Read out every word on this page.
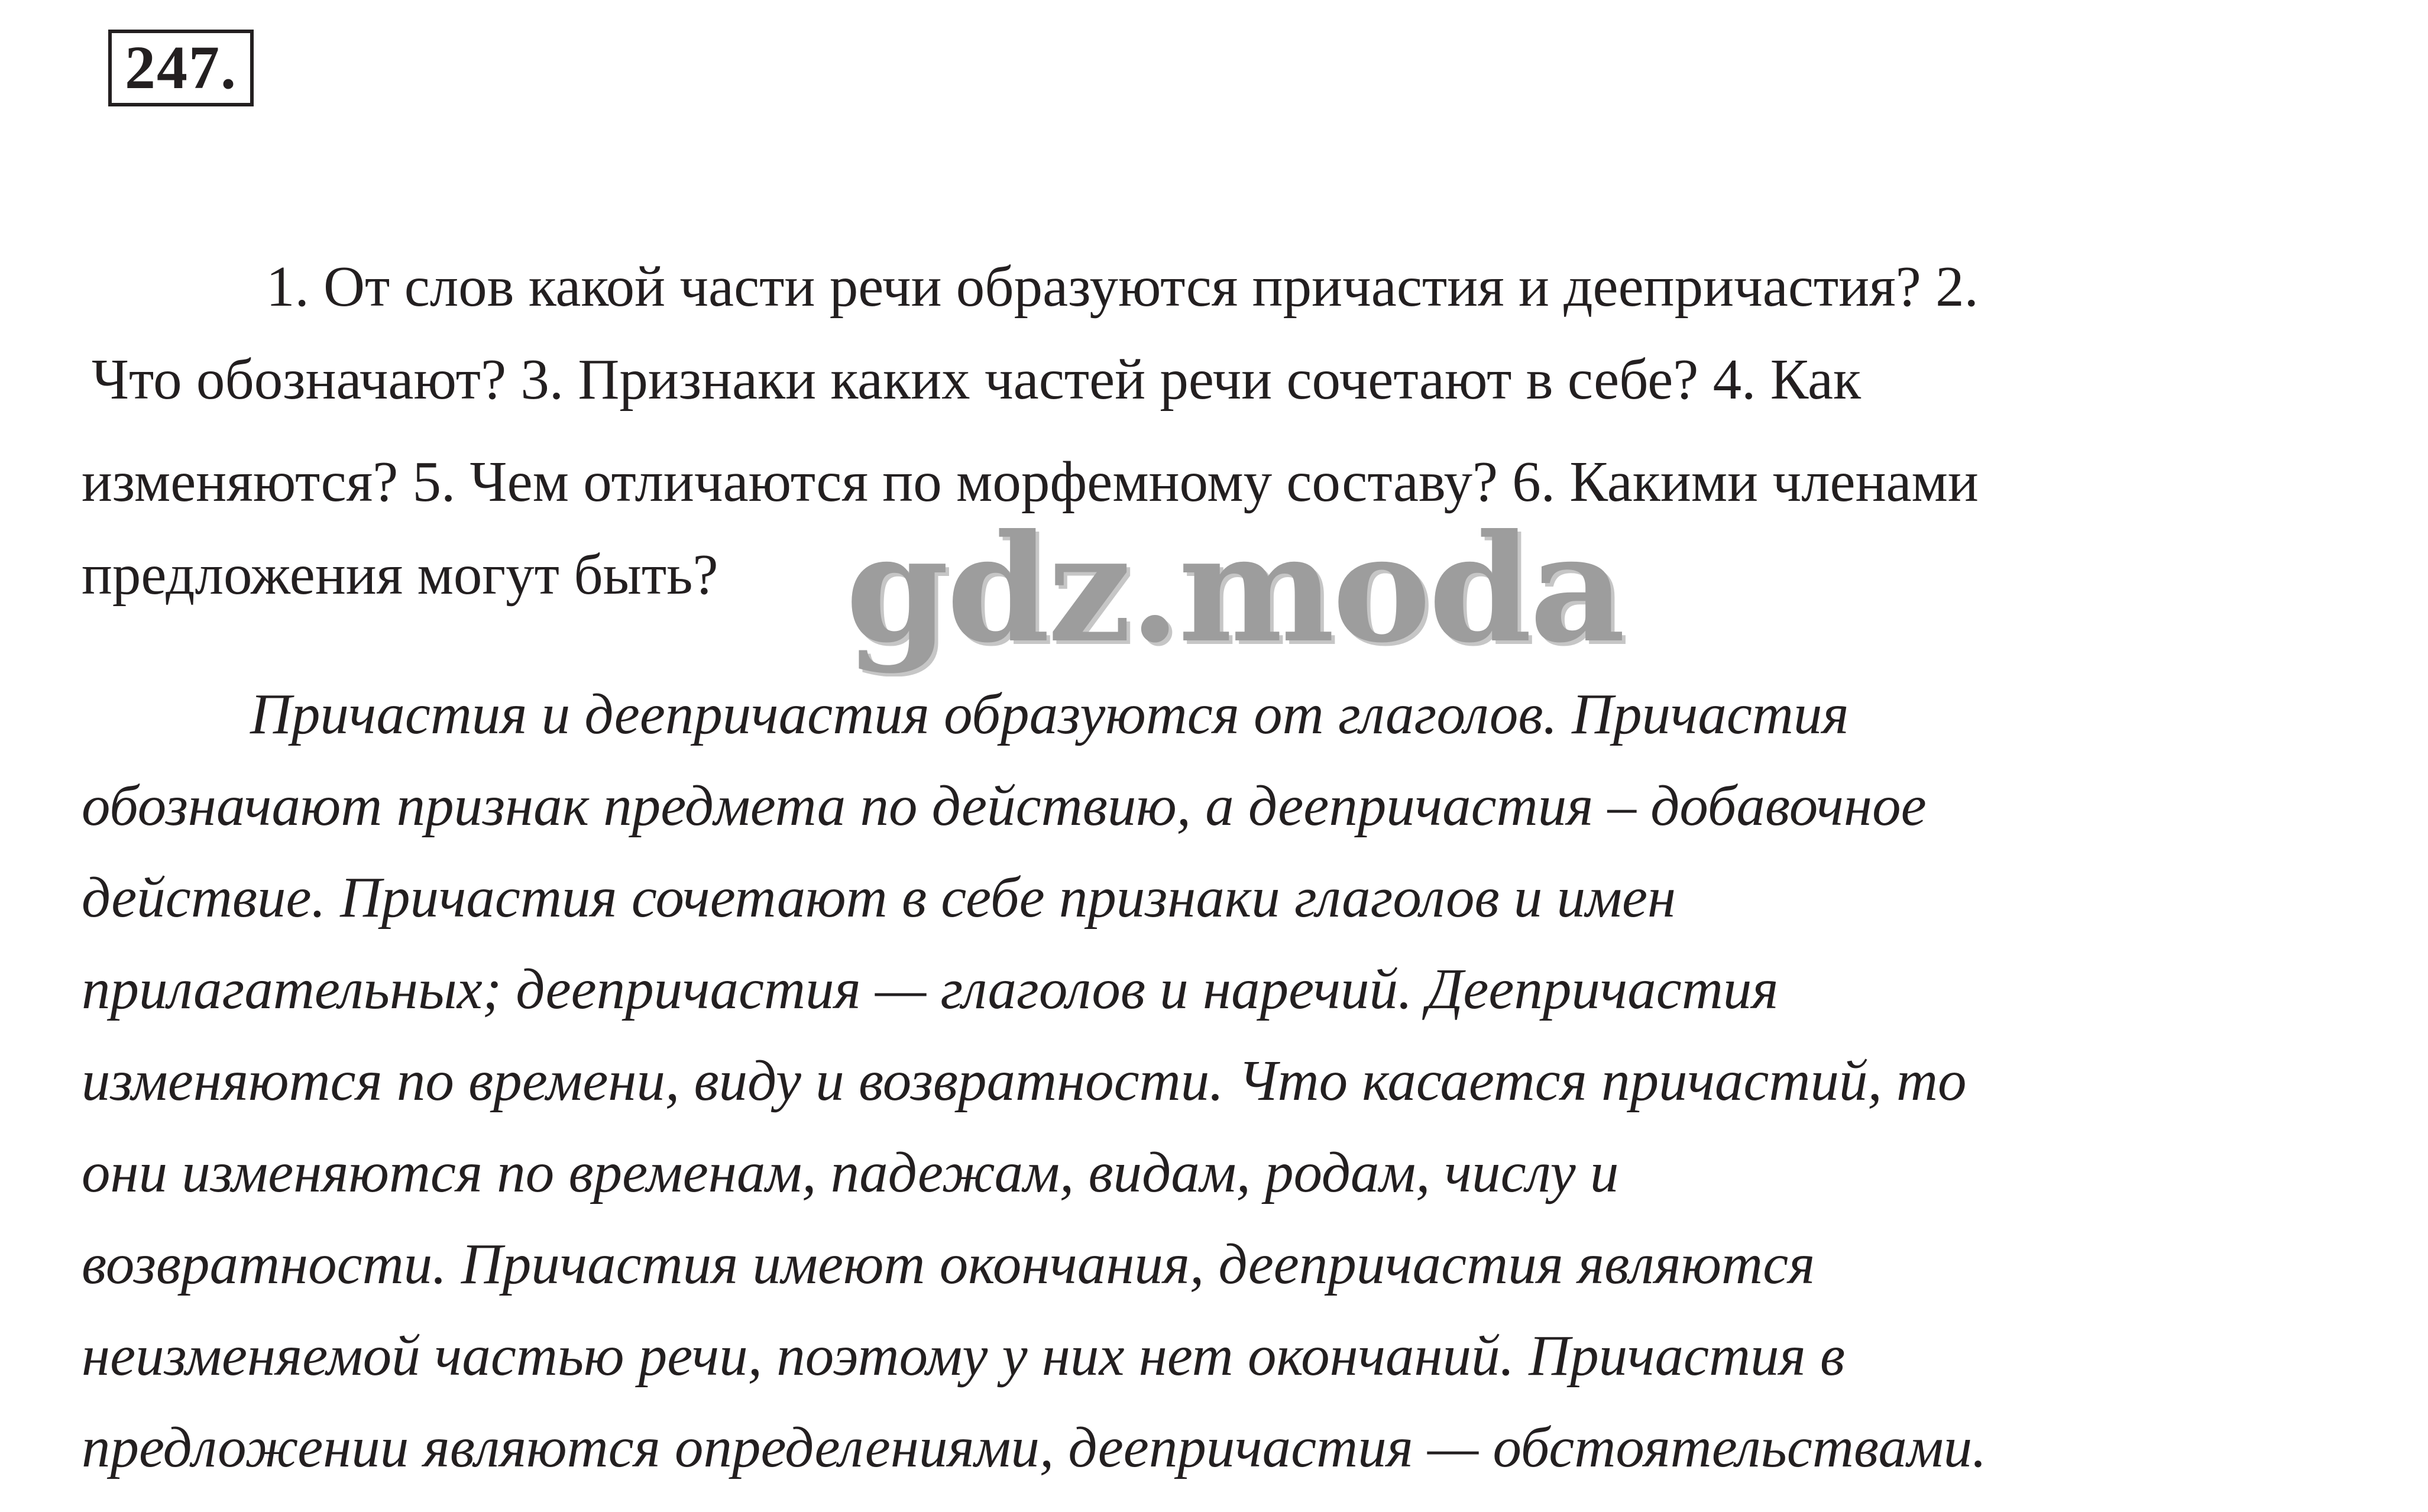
247.
1. От слов какой части речи образуются причастия и деепричастия? 2.
Что обозначают? 3. Признаки каких частей речи сочетают в себе? 4. Как
изменяются? 5. Чем отличаются по морфемному составу? 6. Какими членами
предложения могут быть? gdz.moda
Причастия и деепричастия образуются от глаголов. Причастия
обозначают признак предмета по действию, а деепричастия – добавочное
действие. Причастия сочетают в себе признаки глаголов и имен
прилагательных; деепричастия — глаголов и наречий. Деепричастия
изменяются по времени, виду и возвратности. Что касается причастий, то
они изменяются по временам, падежам, видам, родам, числу и
возвратности. Причастия имеют окончания, деепричастия являются
неизменяемой частью речи, поэтому у них нет окончаний. Причастия в
предложении являются определениями, деепричастия — обстоятельствами.
